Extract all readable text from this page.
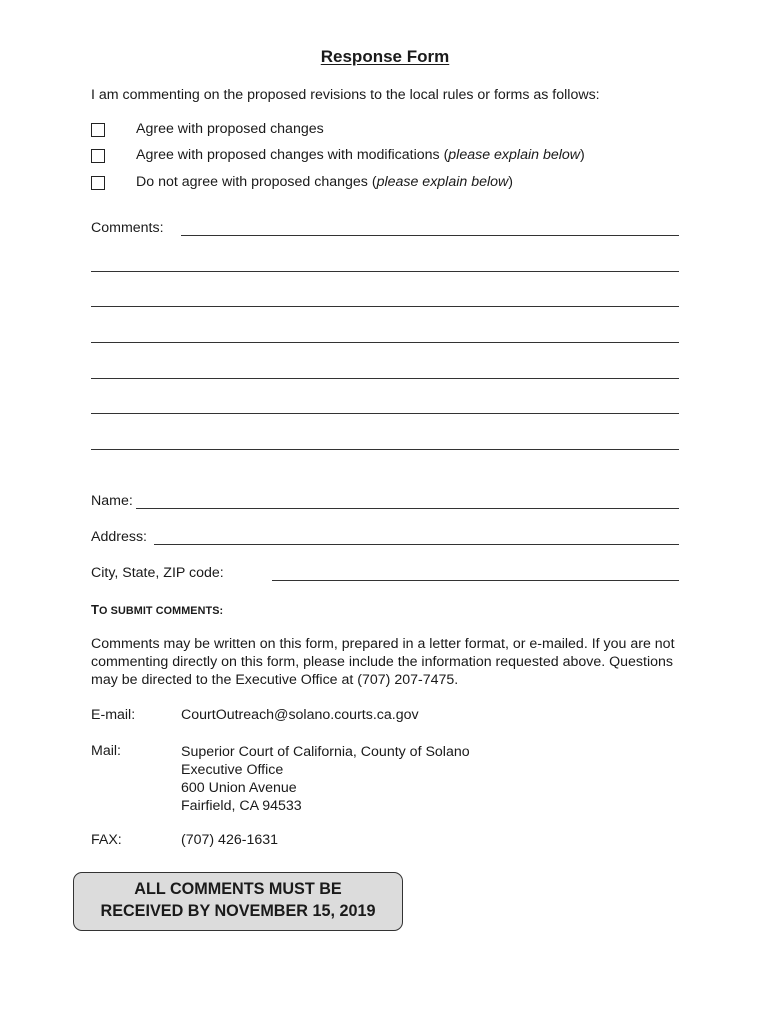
Response Form
I am commenting on the proposed revisions to the local rules or forms as follows:
Agree with proposed changes
Agree with proposed changes with modifications (please explain below)
Do not agree with proposed changes (please explain below)
Comments:
Name:
Address:
City, State, ZIP code:
TO SUBMIT COMMENTS:
Comments may be written on this form, prepared in a letter format, or e-mailed. If you are not commenting directly on this form, please include the information requested above. Questions may be directed to the Executive Office at (707) 207-7475.
E-mail:	CourtOutreach@solano.courts.ca.gov
Mail:	Superior Court of California, County of Solano
Executive Office
600 Union Avenue
Fairfield, CA 94533
FAX:	(707) 426-1631
ALL COMMENTS MUST BE
RECEIVED BY NOVEMBER 15, 2019
